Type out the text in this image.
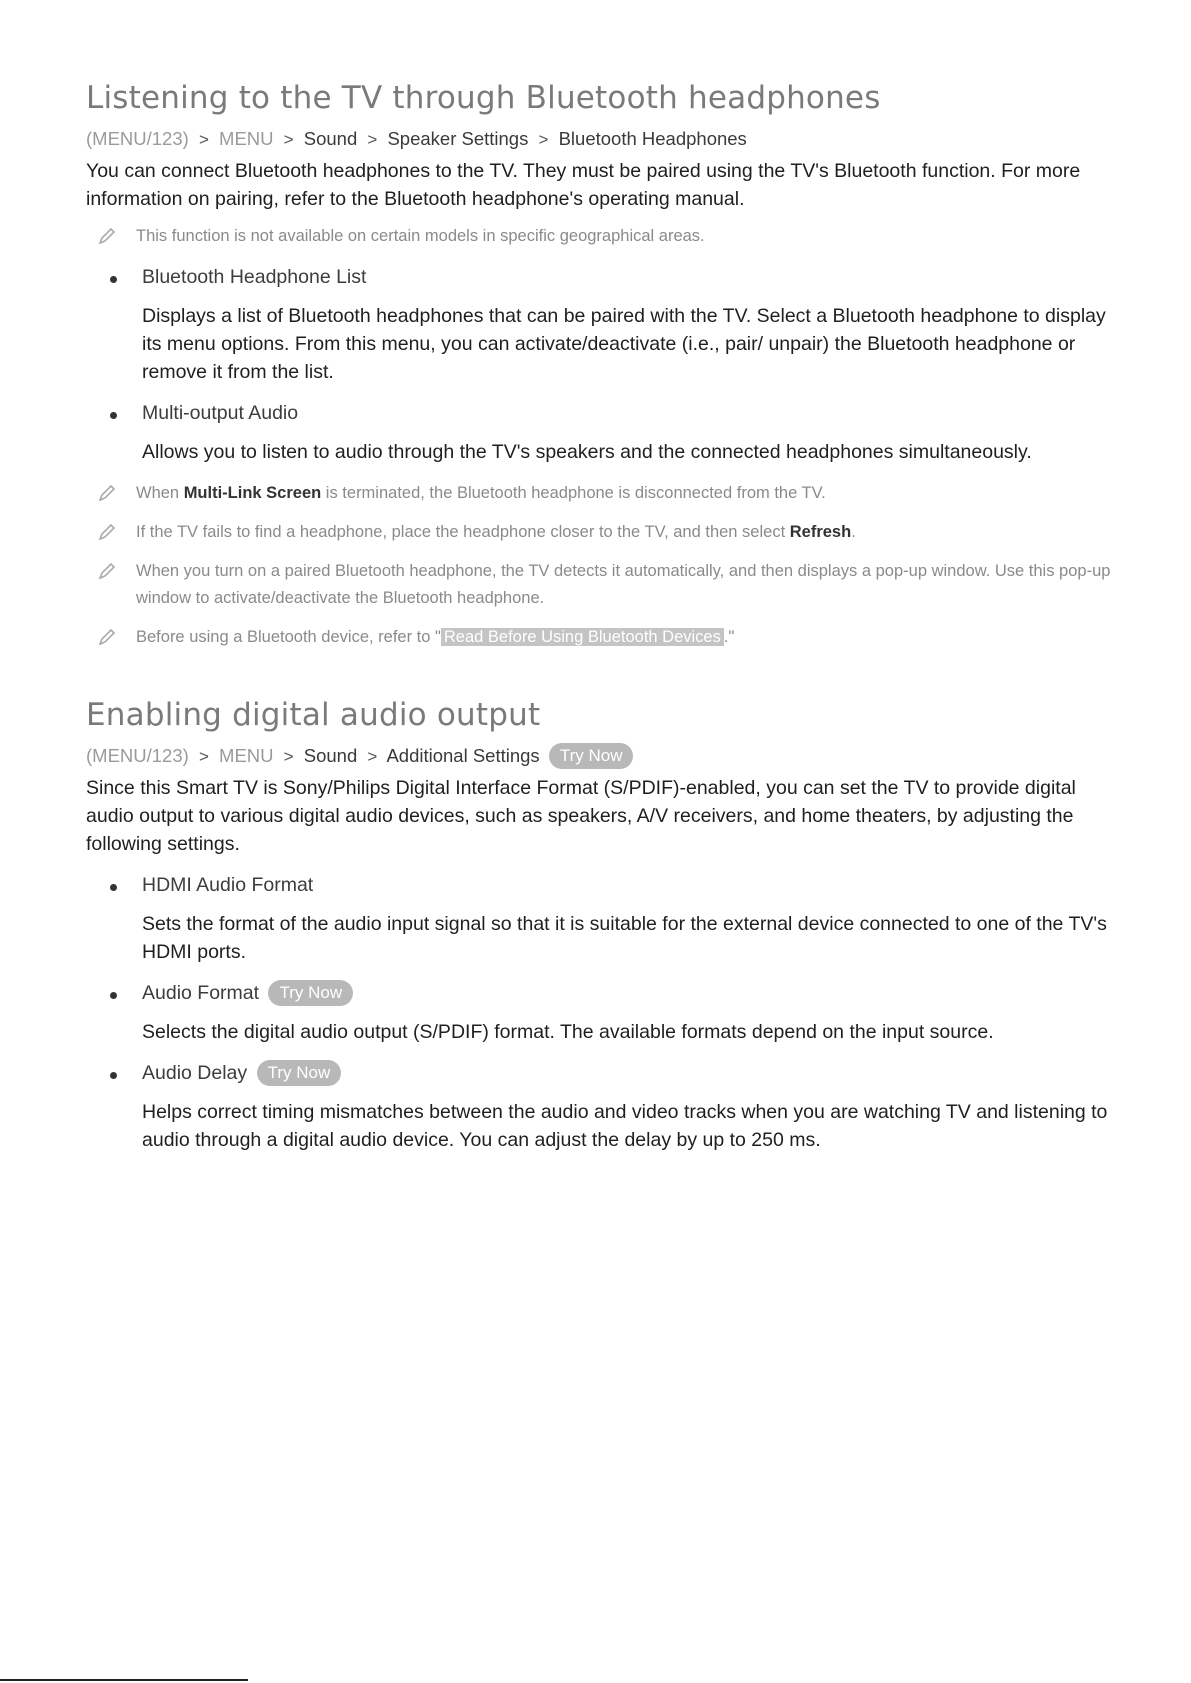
Listening to the TV through Bluetooth headphones
(MENU/123) > MENU > Sound > Speaker Settings > Bluetooth Headphones

You can connect Bluetooth headphones to the TV. They must be paired using the TV's Bluetooth function. For more information on pairing, refer to the Bluetooth headphone's operating manual.

This function is not available on certain models in specific geographical areas.
Bluetooth Headphone List
Displays a list of Bluetooth headphones that can be paired with the TV. Select a Bluetooth headphone to display its menu options. From this menu, you can activate/deactivate (i.e., pair/ unpair) the Bluetooth headphone or remove it from the list.
Multi-output Audio
Allows you to listen to audio through the TV's speakers and the connected headphones simultaneously.
When Multi-Link Screen is terminated, the Bluetooth headphone is disconnected from the TV.
If the TV fails to find a headphone, place the headphone closer to the TV, and then select Refresh.
When you turn on a paired Bluetooth headphone, the TV detects it automatically, and then displays a pop-up window. Use this pop-up window to activate/deactivate the Bluetooth headphone.
Before using a Bluetooth device, refer to " Read Before Using Bluetooth Devices ."
Enabling digital audio output
(MENU/123) > MENU > Sound > Additional Settings Try Now

Since this Smart TV is Sony/Philips Digital Interface Format (S/PDIF)-enabled, you can set the TV to provide digital audio output to various digital audio devices, such as speakers, A/V receivers, and home theaters, by adjusting the following settings.

HDMI Audio Format
Sets the format of the audio input signal so that it is suitable for the external device connected to one of the TV's HDMI ports.
Audio Format Try Now
Selects the digital audio output (S/PDIF) format. The available formats depend on the input source.
Audio Delay Try Now
Helps correct timing mismatches between the audio and video tracks when you are watching TV and listening to audio through a digital audio device. You can adjust the delay by up to 250 ms.
